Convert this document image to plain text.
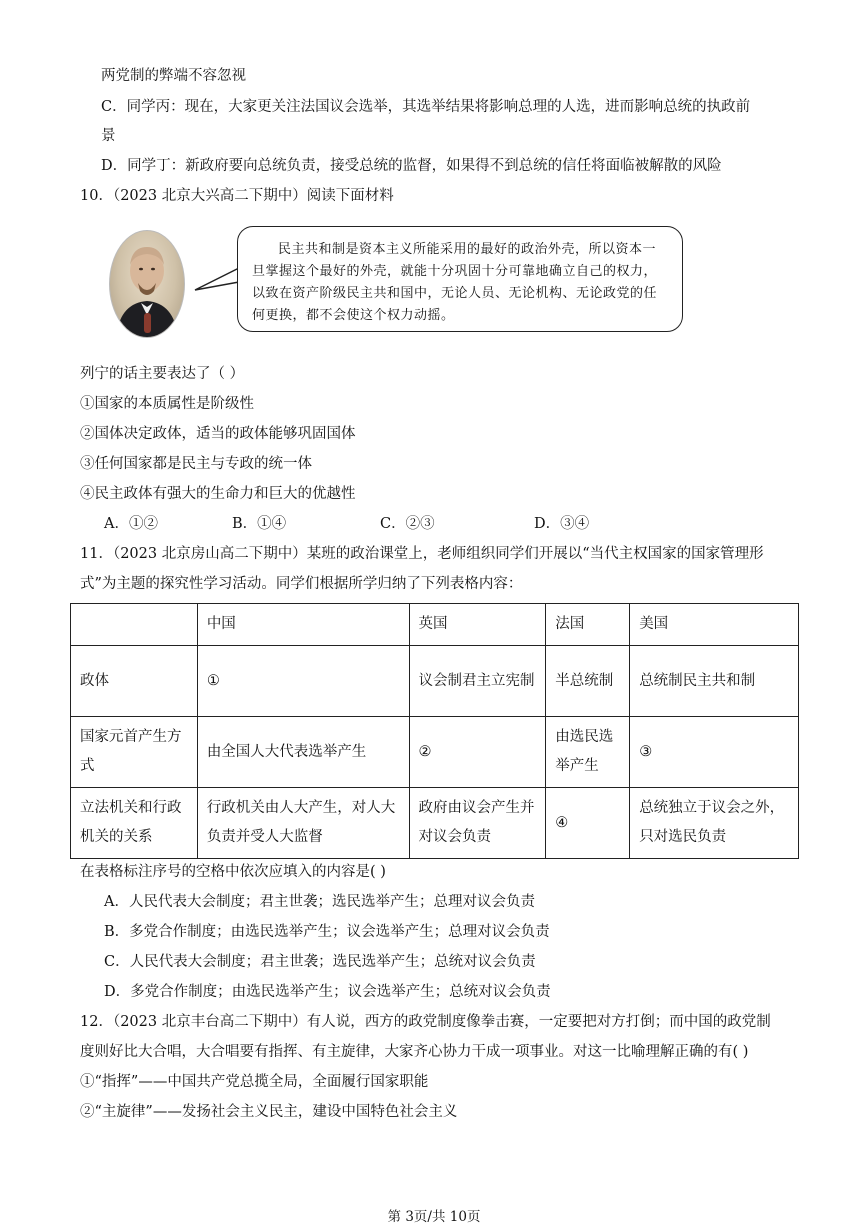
两党制的弊端不容忽视
C．同学丙：现在，大家更关注法国议会选举，其选举结果将影响总理的人选，进而影响总统的执政前
景
D．同学丁：新政府要向总统负责，接受总统的监督，如果得不到总统的信任将面临被解散的风险
10．（2023 北京大兴高二下期中）阅读下面材料

民主共和制是资本主义所能采用的最好的政治外壳，所以资本一旦掌握这个最好的外壳，就能十分巩固十分可靠地确立自己的权力，以致在资产阶级民主共和国中，无论人员、无论机构、无论政党的任何更换，都不会使这个权力动摇。

列宁的话主要表达了（ ）
①国家的本质属性是阶级性
②国体决定政体，适当的政体能够巩固国体
③任何国家都是民主与专政的统一体
④民主政体有强大的生命力和巨大的优越性
A．①②	B．①④	C．②③	D．③④
11．（2023 北京房山高二下期中）某班的政治课堂上，老师组织同学们开展以“当代主权国家的国家管理形
式”为主题的探究性学习活动。同学们根据所学归纳了下列表格内容：
	中国	英国	法国	美国
政体	①	议会制君主立宪制	半总统制	总统制民主共和制
国家元首产生方式	由全国人大代表选举产生	②	由选民选举产生	③
立法机关和行政机关的关系	行政机关由人大产生，对人大负责并受人大监督	政府由议会产生并对议会负责	④	总统独立于议会之外，只对选民负责
在表格标注序号的空格中依次应填入的内容是( )
A．人民代表大会制度；君主世袭；选民选举产生；总理对议会负责
B．多党合作制度；由选民选举产生；议会选举产生；总理对议会负责
C．人民代表大会制度；君主世袭；选民选举产生；总统对议会负责
D．多党合作制度；由选民选举产生；议会选举产生；总统对议会负责
12．（2023 北京丰台高二下期中）有人说，西方的政党制度像拳击赛，一定要把对方打倒；而中国的政党制
度则好比大合唱，大合唱要有指挥、有主旋律，大家齐心协力干成一项事业。对这一比喻理解正确的有( )
①“指挥”——中国共产党总揽全局，全面履行国家职能
②“主旋律”——发扬社会主义民主，建设中国特色社会主义
第 3页/共 10页
